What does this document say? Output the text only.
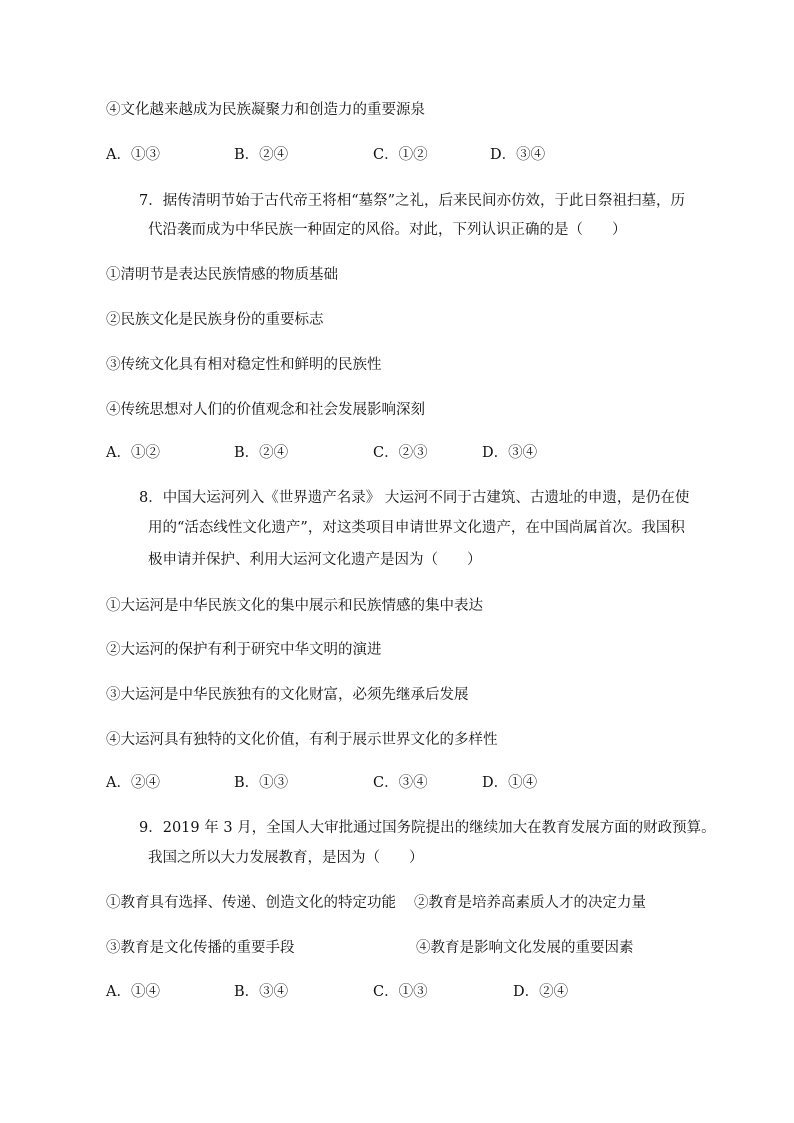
④文化越来越成为民族凝聚力和创造力的重要源泉
A．①③	B．②④	C．①②	D．③④
7．据传清明节始于古代帝王将相“墓祭”之礼，后来民间亦仿效，于此日祭祖扫墓，历
代沿袭而成为中华民族一种固定的风俗。对此，下列认识正确的是（　　）
①清明节是表达民族情感的物质基础
②民族文化是民族身份的重要标志
③传统文化具有相对稳定性和鲜明的民族性
④传统思想对人们的价值观念和社会发展影响深刻
A．①②	B．②④	C．②③	D．③④
8．中国大运河列入《世界遗产名录》 大运河不同于古建筑、古遗址的申遗，是仍在使
用的“活态线性文化遗产”，对这类项目申请世界文化遗产，在中国尚属首次。我国积
极申请并保护、利用大运河文化遗产是因为（　　）
①大运河是中华民族文化的集中展示和民族情感的集中表达
②大运河的保护有利于研究中华文明的演进
③大运河是中华民族独有的文化财富，必须先继承后发展
④大运河具有独特的文化价值，有利于展示世界文化的多样性
A．②④	B．①③	C．③④	D．①④
9．2019 年 3 月，全国人大审批通过国务院提出的继续加大在教育发展方面的财政预算。
我国之所以大力发展教育，是因为（　　）
①教育具有选择、传递、创造文化的特定功能 ②教育是培养高素质人才的决定力量
③教育是文化传播的重要手段	④教育是影响文化发展的重要因素
A．①④	B．③④	C．①③	D．②④
